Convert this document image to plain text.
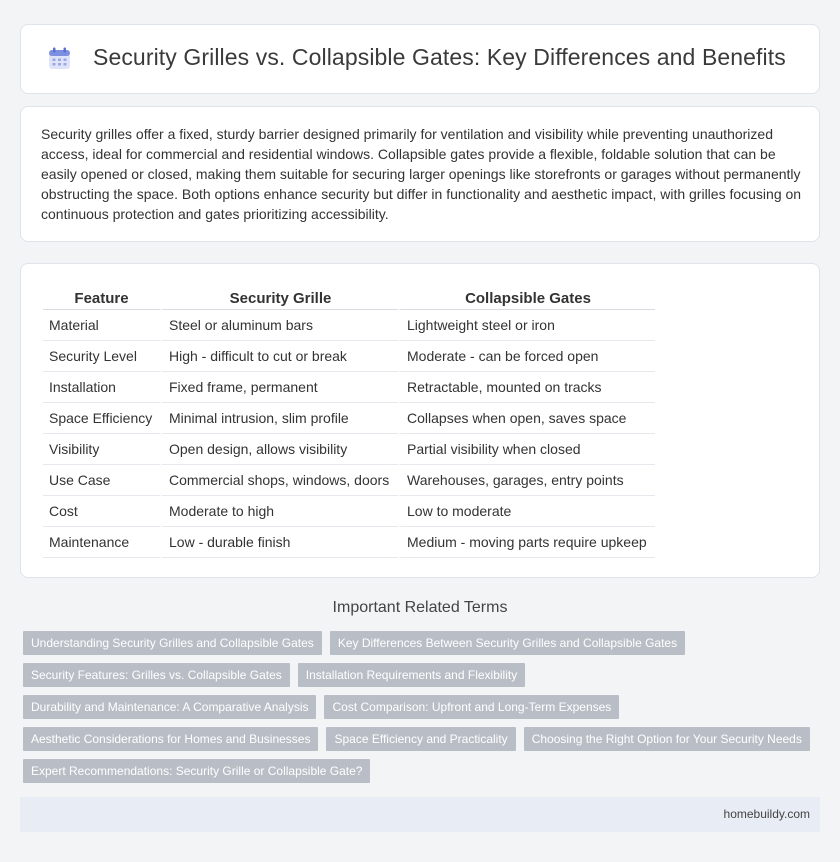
Security Grilles vs. Collapsible Gates: Key Differences and Benefits

Security grilles offer a fixed, sturdy barrier designed primarily for ventilation and visibility while preventing unauthorized access, ideal for commercial and residential windows. Collapsible gates provide a flexible, foldable solution that can be easily opened or closed, making them suitable for securing larger openings like storefronts or garages without permanently obstructing the space. Both options enhance security but differ in functionality and aesthetic impact, with grilles focusing on continuous protection and gates prioritizing accessibility.

Feature	Security Grille	Collapsible Gates
Material	Steel or aluminum bars	Lightweight steel or iron
Security Level	High - difficult to cut or break	Moderate - can be forced open
Installation	Fixed frame, permanent	Retractable, mounted on tracks
Space Efficiency	Minimal intrusion, slim profile	Collapses when open, saves space
Visibility	Open design, allows visibility	Partial visibility when closed
Use Case	Commercial shops, windows, doors	Warehouses, garages, entry points
Cost	Moderate to high	Low to moderate
Maintenance	Low - durable finish	Medium - moving parts require upkeep
Important Related Terms
Understanding Security Grilles and Collapsible Gates	Key Differences Between Security Grilles and Collapsible Gates
Security Features: Grilles vs. Collapsible Gates	Installation Requirements and Flexibility
Durability and Maintenance: A Comparative Analysis	Cost Comparison: Upfront and Long-Term Expenses
Aesthetic Considerations for Homes and Businesses	Space Efficiency and Practicality	Choosing the Right Option for Your Security Needs
Expert Recommendations: Security Grille or Collapsible Gate?
homebuildy.com
